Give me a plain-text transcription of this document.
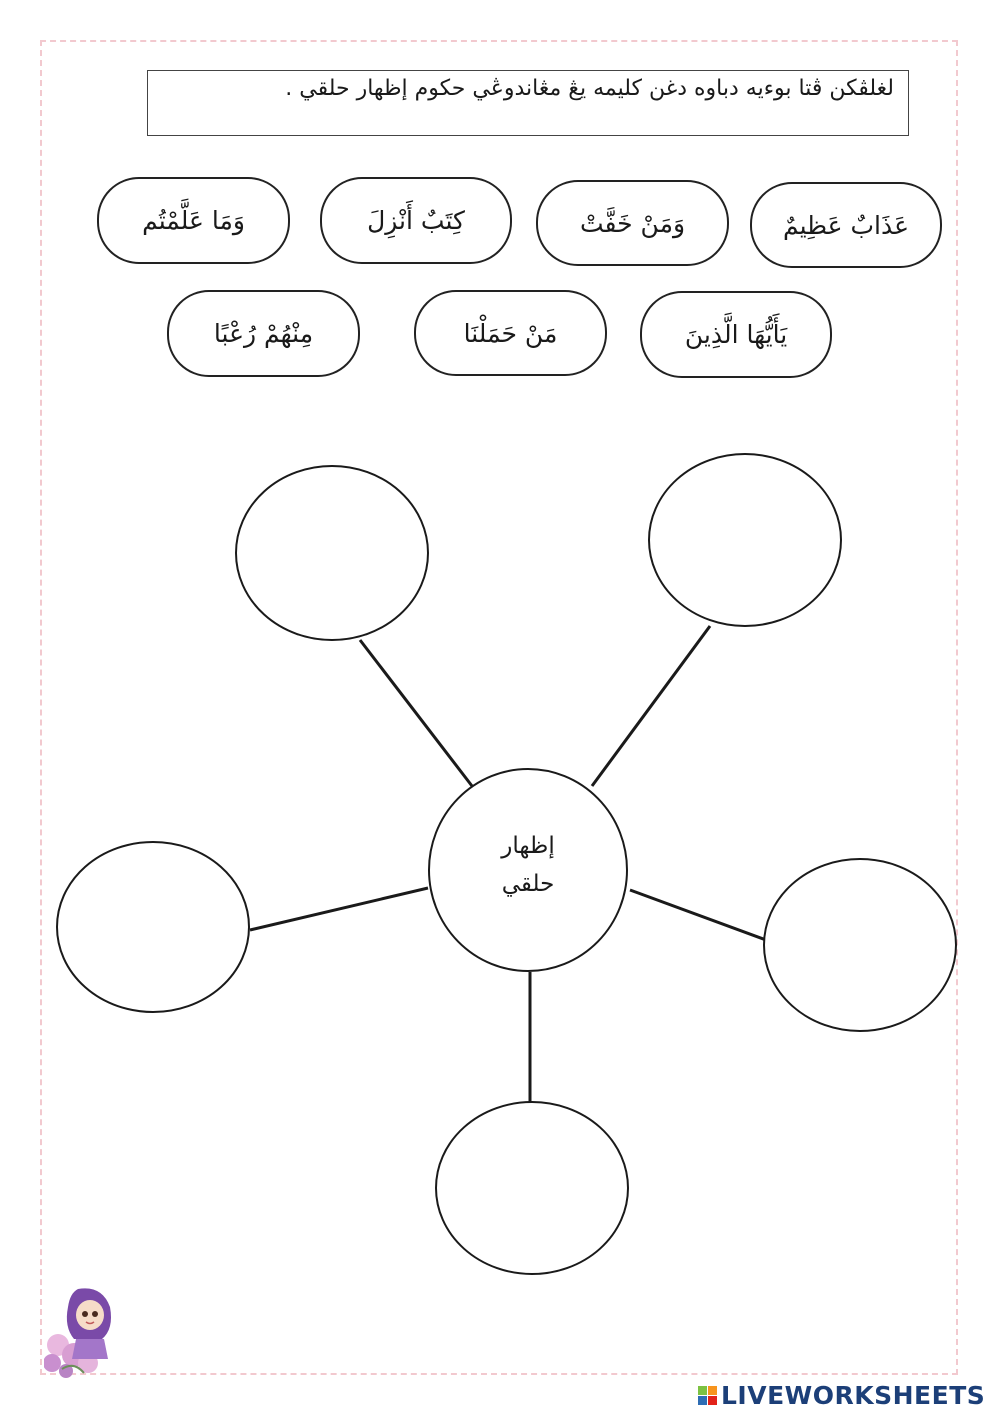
لغلڤكن ڤتا بوءيه دباوه دغن كليمه يڠ مڠاندوڠي حكوم إظهار حلقي .
عَذَابٌ عَظِيمٌ
وَمَنْ خَفَّتْ
كِتَبٌ أَنْزِلَ
وَمَا عَلَّمْتُم
يَأَيُّهَا الَّذِينَ
مَنْ حَمَلْنَا
مِنْهُمْ رُعْبًا
إظهار
حلقي
LIVEWORKSHEETS
